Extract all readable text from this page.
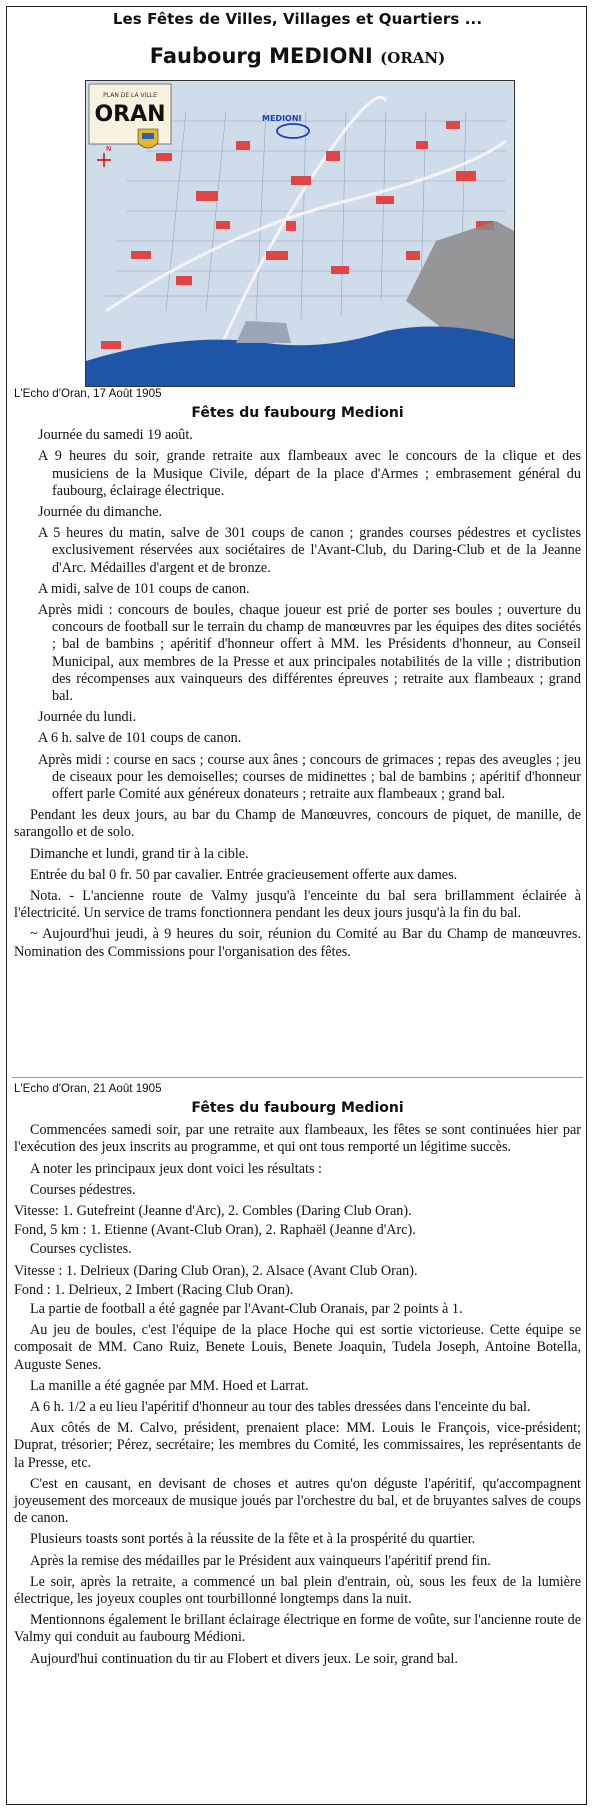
Les Fêtes de Villes, Villages et Quartiers ...
Faubourg MEDIONI (ORAN)
PLAN DE LA VILLE
ORAN
N
MEDIONI
L'Echo d'Oran, 17 Août 1905
Fêtes du faubourg Medioni

Journée du samedi 19 août.

A 9 heures du soir, grande retraite aux flambeaux avec le concours de la clique et des musiciens de la Musique Civile, départ de la place d'Armes ; embrasement général du faubourg, éclairage électrique.

Journée du dimanche.

A 5 heures du matin, salve de 301 coups de canon ; grandes courses pédestres et cyclistes exclusivement réservées aux sociétaires de l'Avant-Club, du Daring-Club et de la Jeanne d'Arc. Médailles d'argent et de bronze.

A midi, salve de 101 coups de canon.

Après midi : concours de boules, chaque joueur est prié de porter ses boules ; ouverture du concours de football sur le terrain du champ de manœuvres par les équipes des dites sociétés ; bal de bambins ; apéritif d'honneur offert à MM. les Présidents d'honneur, au Conseil Municipal, aux membres de la Presse et aux principales notabilités de la ville ; distribution des récompenses aux vainqueurs des différentes épreuves ; retraite aux flambeaux ; grand bal.

Journée du lundi.

A 6 h. salve de 101 coups de canon.

Après midi : course en sacs ; course aux ânes ; concours de grimaces ; repas des aveugles ; jeu de ciseaux pour les demoiselles; courses de midinettes ; bal de bambins ; apéritif d'honneur offert parle Comité aux généreux donateurs ; retraite aux flambeaux ; grand bal.

Pendant les deux jours, au bar du Champ de Manœuvres, concours de piquet, de manille, de sarangollo et de solo.

Dimanche et lundi, grand tir à la cible.

Entrée du bal 0 fr. 50 par cavalier. Entrée gracieusement offerte aux dames.

Nota. - L'ancienne route de Valmy jusqu'à l'enceinte du bal sera brillamment éclairée à l'électricité. Un service de trams fonctionnera pendant les deux jours jusqu'à la fin du bal.

~ Aujourd'hui jeudi, à 9 heures du soir, réunion du Comité au Bar du Champ de manœuvres. Nomination des Commissions pour l'organisation des fêtes.

L'Echo d'Oran, 21 Août 1905
Fêtes du faubourg Medioni

Commencées samedi soir, par une retraite aux flambeaux, les fêtes se sont continuées hier par l'exécution des jeux inscrits au programme, et qui ont tous remporté un légitime succès.

A noter les principaux jeux dont voici les résultats :

Courses pédestres.

Vitesse: 1. Gutefreint (Jeanne d'Arc), 2. Combles (Daring Club Oran).

Fond, 5 km : 1. Etienne (Avant-Club Oran), 2. Raphaël (Jeanne d'Arc).

Courses cyclistes.

Vitesse : 1. Delrieux (Daring Club Oran), 2. Alsace (Avant Club Oran).

Fond : 1. Delrieux, 2 Imbert (Racing Club Oran).

La partie de football a été gagnée par l'Avant-Club Oranais, par 2 points à 1.

Au jeu de boules, c'est l'équipe de la place Hoche qui est sortie victorieuse. Cette équipe se composait de MM. Cano Ruiz, Benete Louis, Benete Joaquin, Tudela Joseph, Antoine Botella, Auguste Senes.

La manille a été gagnée par MM. Hoed et Larrat.

A 6 h. 1/2 a eu lieu l'apéritif d'honneur au tour des tables dressées dans l'enceinte du bal.

Aux côtés de M. Calvo, président, prenaient place: MM. Louis le François, vice-président; Duprat, trésorier; Pérez, secrétaire; les membres du Comité, les commissaires, les représentants de la Presse, etc.

C'est en causant, en devisant de choses et autres qu'on déguste l'apéritif, qu'accompagnent joyeusement des morceaux de musique joués par l'orchestre du bal, et de bruyantes salves de coups de canon.

Plusieurs toasts sont portés à la réussite de la fête et à la prospérité du quartier.

Après la remise des médailles par le Président aux vainqueurs l'apéritif prend fin.

Le soir, après la retraite, a commencé un bal plein d'entrain, où, sous les feux de la lumière électrique, les joyeux couples ont tourbillonné longtemps dans la nuit.

Mentionnons également le brillant éclairage électrique en forme de voûte, sur l'ancienne route de Valmy qui conduit au faubourg Médioni.

Aujourd'hui continuation du tir au Flobert et divers jeux. Le soir, grand bal.
